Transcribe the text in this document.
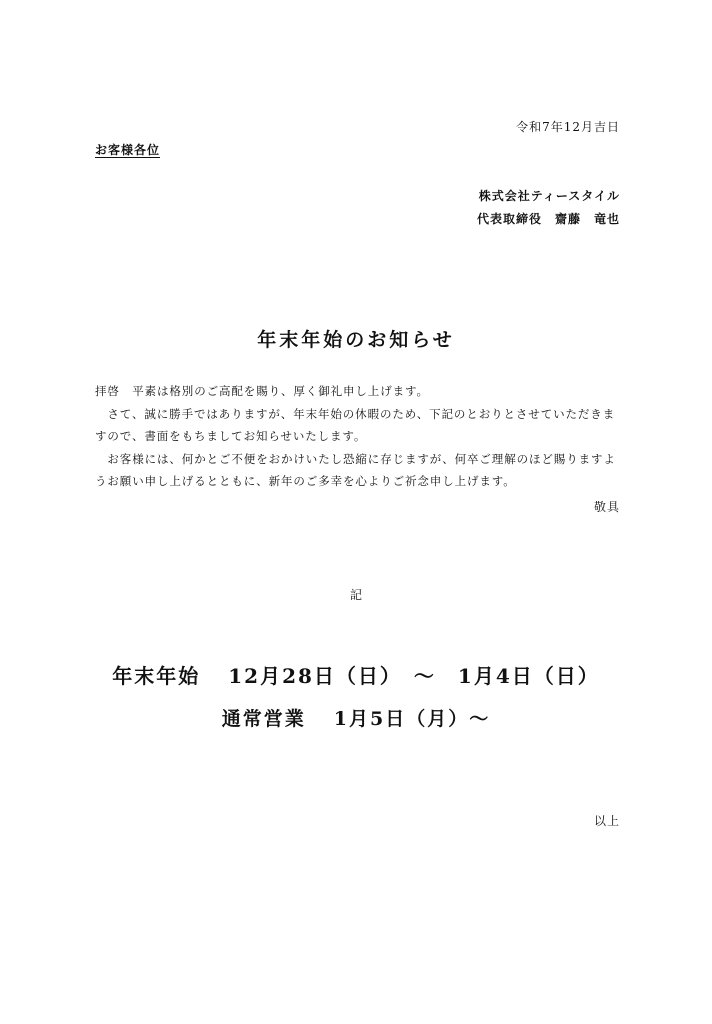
令和7年12月吉日
お客様各位
株式会社ティースタイル
代表取締役　齋藤　竜也
年末年始のお知らせ

拝啓　平素は格別のご高配を賜り、厚く御礼申し上げます。

　さて、誠に勝手ではありますが、年末年始の休暇のため、下記のとおりとさせていただきますので、書面をもちましてお知らせいたします。

　お客様には、何かとご不便をおかけいたし恐縮に存じますが、何卒ご理解のほど賜りますようお願い申し上げるとともに、新年のご多幸を心よりご祈念申し上げます。

敬具
記
年末年始 12月28日（日）　〜　1月4日（日）
通常営業 1月5日（月）〜
以上
